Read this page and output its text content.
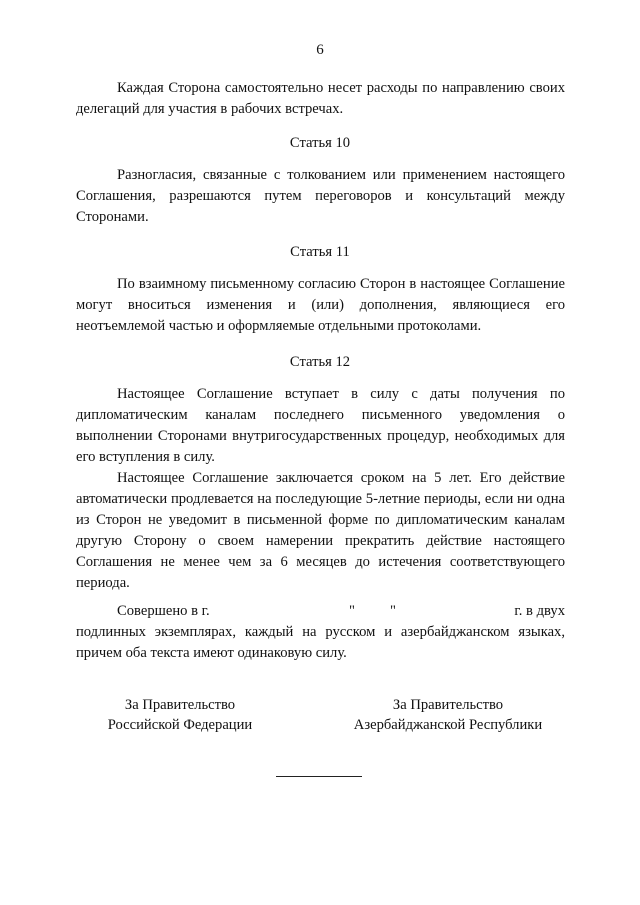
6

Каждая Сторона самостоятельно несет расходы по направлению своих делегаций для участия в рабочих встречах.

Статья 10

Разногласия, связанные с толкованием или применением настоящего Соглашения, разрешаются путем переговоров и консультаций между Сторонами.

Статья 11

По взаимному письменному согласию Сторон в настоящее Соглашение могут вноситься изменения и (или) дополнения, являющиеся его неотъемлемой частью и оформляемые отдельными протоколами.

Статья 12

Настоящее Соглашение вступает в силу с даты получения по дипломатическим каналам последнего письменного уведомления о выполнении Сторонами внутригосударственных процедур, необходимых для его вступления в силу.

Настоящее Соглашение заключается сроком на 5 лет. Его действие автоматически продлевается на последующие 5-летние периоды, если ни одна из Сторон не уведомит в письменной форме по дипломатическим каналам другую Сторону о своем намерении прекратить действие настоящего Соглашения не менее чем за 6 месяцев до истечения соответствующего периода.

Совершено в г.	" "	г. в двух
подлинных экземплярах, каждый на русском и азербайджанском языках, причем оба текста имеют одинаковую силу.
За Правительство
Российской Федерации
За Правительство
Азербайджанской Республики
